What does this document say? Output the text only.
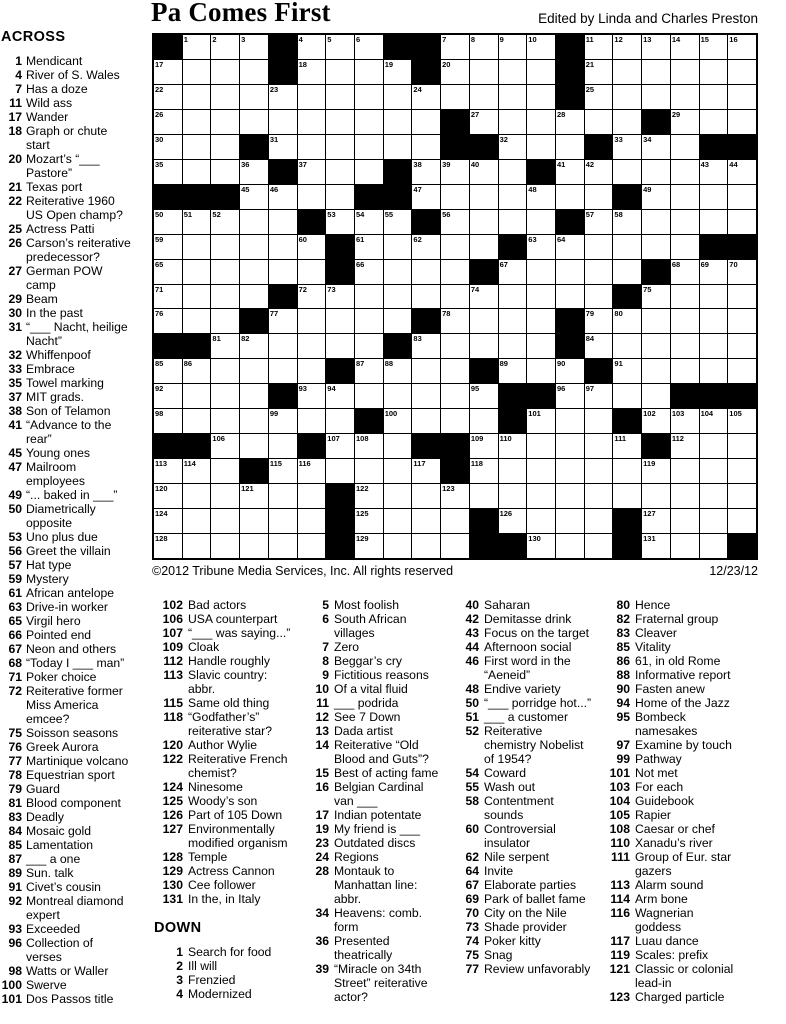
Pa Comes First	Edited by Linda and Charles Preston
ACROSS
1 Mendicant
4 River of S. Wales
7 Has a doze
11 Wild ass
17 Wander
18 Graph or chute start
20 Mozart’s “___ Pastore”
21 Texas port
22 Reiterative 1960 US Open champ?
25 Actress Patti
26 Carson’s reiterative predecessor?
27 German POW camp
29 Beam
30 In the past
31 “___ Nacht, heilige Nacht”
32 Whiffenpoof
33 Embrace
35 Towel marking
37 MIT grads.
38 Son of Telamon
41 “Advance to the rear”
45 Young ones
47 Mailroom employees
49 “... baked in ___”
50 Diametrically opposite
53 Uno plus due
56 Greet the villain
57 Hat type
59 Mystery
61 African antelope
63 Drive-in worker
65 Virgil hero
66 Pointed end
67 Neon and others
68 “Today I ___ man”
71 Poker choice
72 Reiterative former Miss America emcee?
75 Soisson seasons
76 Greek Aurora
77 Martinique volcano
78 Equestrian sport
79 Guard
81 Blood component
83 Deadly
84 Mosaic gold
85 Lamentation
87 ___ a one
89 Sun. talk
91 Civet’s cousin
92 Montreal diamond expert
93 Exceeded
96 Collection of verses
98 Watts or Waller
100 Swerve
101 Dos Passos title
1	2	3	4	5	6	7	8	9	10	11	12	13	14	15	16
17	18	19	20	21
22	23	24	25
26	27	28	29
30	31	32	33	34
35	36	37	38	39	40	41	42	43	44
45	46	47	48	49
50	51	52	53	54	55	56	57	58
59	60	61	62	63	64
65	66	67	68	69	70
71	72	73	74	75
76	77	78	79	80
81	82	83	84
85	86	87	88	89	90	91
92	93	94	95	96	97
98	99	100	101	102 103 104 105
106	107 108	109 110	111	112
113 114	115 116	117	118	119
120	121	122	123
124	125	126	127
128	129	130	131
©2012 Tribune Media Services, Inc. All rights reserved	12/23/12
102 Bad actors
106 USA counterpart
107 “___ was saying...”
109 Cloak
112 Handle roughly
113 Slavic country: abbr.
115 Same old thing
118 “Godfather’s” reiterative star?
120 Author Wylie
122 Reiterative French chemist?
124 Ninesome
125 Woody’s son
126 Part of 105 Down
127 Environmentally modified organism
128 Temple
129 Actress Cannon
130 Cee follower
131 In the, in Italy
DOWN
1 Search for food
2 Ill will
3 Frenzied
4 Modernized
5 Most foolish
6 South African villages
7 Zero
8 Beggar’s cry
9 Fictitious reasons
10 Of a vital fluid
11 ___ podrida
12 See 7 Down
13 Dada artist
14 Reiterative “Old Blood and Guts”?
15 Best of acting fame
16 Belgian Cardinal van ___
17 Indian potentate
19 My friend is ___
23 Outdated discs
24 Regions
28 Montauk to Manhattan line: abbr.
34 Heavens: comb. form
36 Presented theatrically
39 “Miracle on 34th Street” reiterative actor?
40 Saharan
42 Demitasse drink
43 Focus on the target
44 Afternoon social
46 First word in the “Aeneid”
48 Endive variety
50 “___ porridge hot...”
51 ___ a customer
52 Reiterative chemistry Nobelist of 1954?
54 Coward
55 Wash out
58 Contentment sounds
60 Controversial insulator
62 Nile serpent
64 Invite
67 Elaborate parties
69 Park of ballet fame
70 City on the Nile
73 Shade provider
74 Poker kitty
75 Snag
77 Review unfavorably
80 Hence
82 Fraternal group
83 Cleaver
85 Vitality
86 61, in old Rome
88 Informative report
90 Fasten anew
94 Home of the Jazz
95 Bombeck namesakes
97 Examine by touch
99 Pathway
101 Not met
103 For each
104 Guidebook
105 Rapier
108 Caesar or chef
110 Xanadu’s river
111 Group of Eur. star gazers
113 Alarm sound
114 Arm bone
116 Wagnerian goddess
117 Luau dance
119 Scales: prefix
121 Classic or colonial lead-in
123 Charged particle
